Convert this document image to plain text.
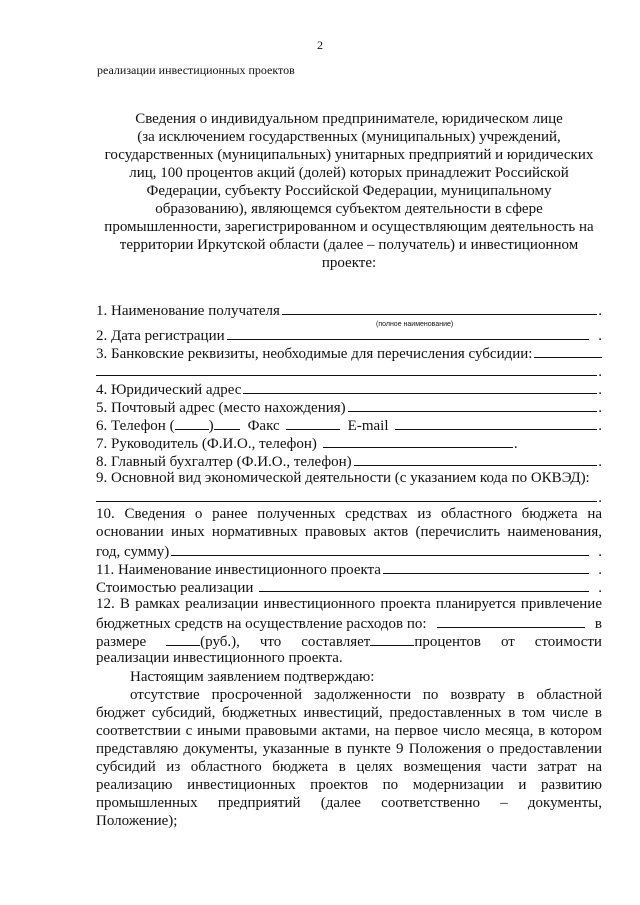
2
реализации инвестиционных проектов
Сведения о индивидуальном предпринимателе, юридическом лице
(за исключением государственных (муниципальных) учреждений,
государственных (муниципальных) унитарных предприятий и юридических
лиц, 100 процентов акций (долей) которых принадлежит Российской
Федерации, субъекту Российской Федерации, муниципальному
образованию), являющемся субъектом деятельности в сфере
промышленности, зарегистрированном и осуществляющим деятельность на
территории Иркутской области (далее – получатель) и инвестиционном
проекте:
1. Наименование получателя	.
(полное наименование)
2. Дата регистрации	.
3. Банковские реквизиты, необходимые для перечисления субсидии:
.
4. Юридический адрес	.
5. Почтовый адрес (место нахождения)	.
6. Телефон ( ) Факс	E-mail	.
7. Руководитель (Ф.И.О., телефон)	.
8. Главный бухгалтер (Ф.И.О., телефон)	.
9. Основной вид экономической деятельности (с указанием кода по ОКВЭД):
.
10. Сведения о ранее полученных средствах из областного бюджета на
основании иных нормативных правовых актов (перечислить наименования,
год, сумму)	.
11. Наименование инвестиционного проекта	.
Стоимостью реализации	.
12. В рамках реализации инвестиционного проекта планируется привлечение
бюджетных средств на осуществление расходов по:	в
размере	(руб.), что составляет	процентов от стоимости
реализации инвестиционного проекта.
Настоящим заявлением подтверждаю:
отсутствие просроченной задолженности по возврату в областной
бюджет субсидий, бюджетных инвестиций, предоставленных в том числе в
соответствии с иными правовыми актами, на первое число месяца, в котором
представляю документы, указанные в пункте 9 Положения о предоставлении
субсидий из областного бюджета в целях возмещения части затрат на
реализацию инвестиционных проектов по модернизации и развитию
промышленных предприятий (далее соответственно – документы,
Положение);
